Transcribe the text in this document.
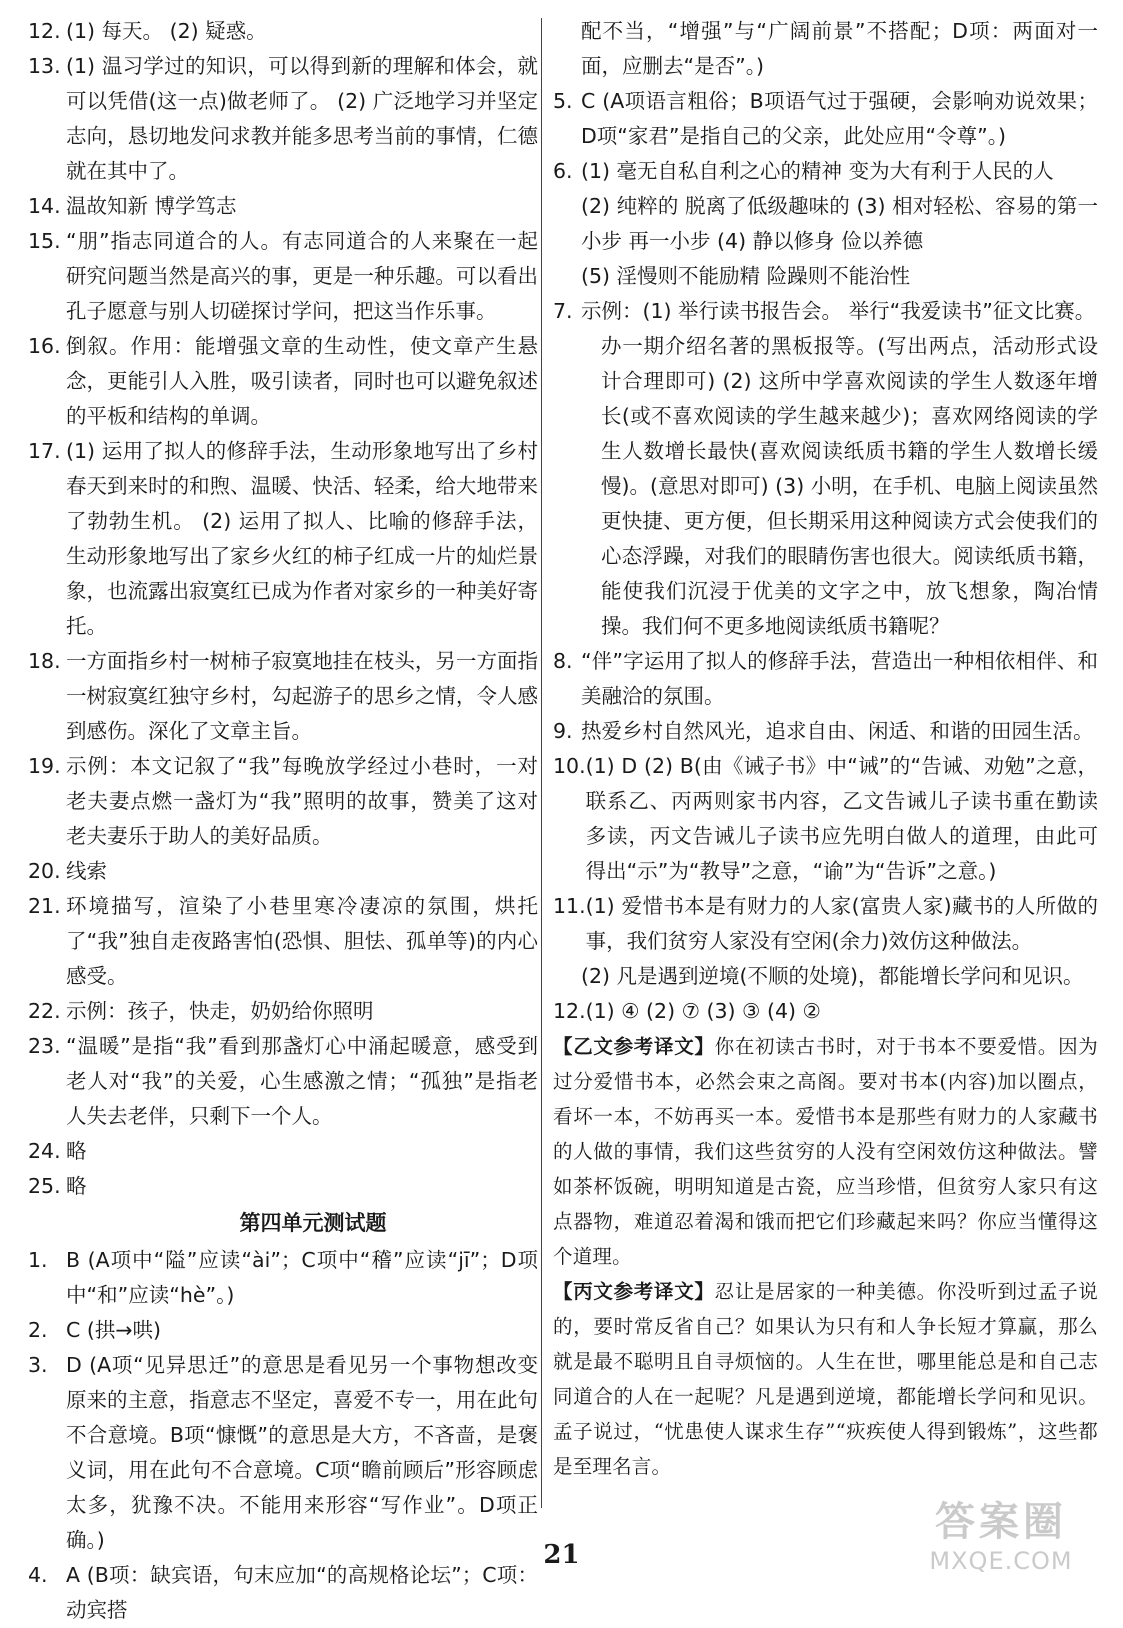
12. (1) 每天。 (2) 疑惑。
13. (1) 温习学过的知识，可以得到新的理解和体会，就可以凭借(这一点)做老师了。 (2) 广泛地学习并坚定志向，恳切地发问求教并能多思考当前的事情，仁德就在其中了。
14. 温故知新 博学笃志
15. “朋”指志同道合的人。有志同道合的人来聚在一起研究问题当然是高兴的事，更是一种乐趣。可以看出孔子愿意与别人切磋探讨学问，把这当作乐事。
16. 倒叙。作用：能增强文章的生动性，使文章产生悬念，更能引人入胜，吸引读者，同时也可以避免叙述的平板和结构的单调。
17. (1) 运用了拟人的修辞手法，生动形象地写出了乡村春天到来时的和煦、温暖、快活、轻柔，给大地带来了勃勃生机。 (2) 运用了拟人、比喻的修辞手法，生动形象地写出了家乡火红的柿子红成一片的灿烂景象，也流露出寂寞红已成为作者对家乡的一种美好寄托。
18. 一方面指乡村一树柿子寂寞地挂在枝头，另一方面指一树寂寞红独守乡村，勾起游子的思乡之情，令人感到感伤。深化了文章主旨。
19. 示例：本文记叙了“我”每晚放学经过小巷时，一对老夫妻点燃一盏灯为“我”照明的故事，赞美了这对老夫妻乐于助人的美好品质。
20. 线索
21. 环境描写，渲染了小巷里寒冷凄凉的氛围，烘托了“我”独自走夜路害怕(恐惧、胆怯、孤单等)的内心感受。
22. 示例：孩子，快走，奶奶给你照明
23. “温暖”是指“我”看到那盏灯心中涌起暖意，感受到老人对“我”的关爱，心生感激之情；“孤独”是指老人失去老伴，只剩下一个人。
24. 略
25. 略
第四单元测试题
1. B (A项中“隘”应读“ài”；C项中“稽”应读“jī”；D项中“和”应读“hè”。)
2. C (拱→哄)
3. D (A项“见异思迁”的意思是看见另一个事物想改变原来的主意，指意志不坚定，喜爱不专一，用在此句不合意境。B项“慷慨”的意思是大方，不吝啬，是褒义词，用在此句不合意境。C项“瞻前顾后”形容顾虑太多，犹豫不决。不能用来形容“写作业”。D项正确。)
4. A (B项：缺宾语，句末应加“的高规格论坛”；C项：动宾搭
配不当，“增强”与“广阔前景”不搭配；D项：两面对一面，应删去“是否”。)
5. C (A项语言粗俗；B项语气过于强硬，会影响劝说效果；D项“家君”是指自己的父亲，此处应用“令尊”。)
6. (1) 毫无自私自利之心的精神 变为大有利于人民的人
(2) 纯粹的 脱离了低级趣味的 (3) 相对轻松、容易的第一小步 再一小步 (4) 静以修身 俭以养德
(5) 淫慢则不能励精 险躁则不能治性
7. 示例：(1) 举行读书报告会。 举行“我爱读书”征文比赛。
办一期介绍名著的黑板报等。(写出两点，活动形式设计合理即可) (2) 这所中学喜欢阅读的学生人数逐年增长(或不喜欢阅读的学生越来越少)；喜欢网络阅读的学生人数增长最快(喜欢阅读纸质书籍的学生人数增长缓慢)。(意思对即可) (3) 小明，在手机、电脑上阅读虽然更快捷、更方便，但长期采用这种阅读方式会使我们的心态浮躁，对我们的眼睛伤害也很大。阅读纸质书籍，能使我们沉浸于优美的文字之中，放飞想象，陶冶情操。我们何不更多地阅读纸质书籍呢？
8. “伴”字运用了拟人的修辞手法，营造出一种相依相伴、和美融洽的氛围。
9. 热爱乡村自然风光，追求自由、闲适、和谐的田园生活。
10. (1) D (2) B(由《诫子书》中“诫”的“告诫、劝勉”之意，联系乙、丙两则家书内容，乙文告诫儿子读书重在勤读多读，丙文告诫儿子读书应先明白做人的道理，由此可得出“示”为“教导”之意，“谕”为“告诉”之意。)
11. (1) 爱惜书本是有财力的人家(富贵人家)藏书的人所做的事，我们贫穷人家没有空闲(余力)效仿这种做法。
(2) 凡是遇到逆境(不顺的处境)，都能增长学问和见识。
12. (1) ④ (2) ⑦ (3) ③ (4) ②
【乙文参考译文】你在初读古书时，对于书本不要爱惜。因为过分爱惜书本，必然会束之高阁。要对书本(内容)加以圈点，看坏一本，不妨再买一本。爱惜书本是那些有财力的人家藏书的人做的事情，我们这些贫穷的人没有空闲效仿这种做法。譬如茶杯饭碗，明明知道是古瓷，应当珍惜，但贫穷人家只有这点器物，难道忍着渴和饿而把它们珍藏起来吗？你应当懂得这个道理。
【丙文参考译文】忍让是居家的一种美德。你没听到过孟子说的，要时常反省自己？如果认为只有和人争长短才算赢，那么就是最不聪明且自寻烦恼的。人生在世，哪里能总是和自己志同道合的人在一起呢？凡是遇到逆境，都能增长学问和见识。孟子说过，“忧患使人谋求生存”“疢疾使人得到锻炼”，这些都是至理名言。
21
答案圈
MXQE.COM
